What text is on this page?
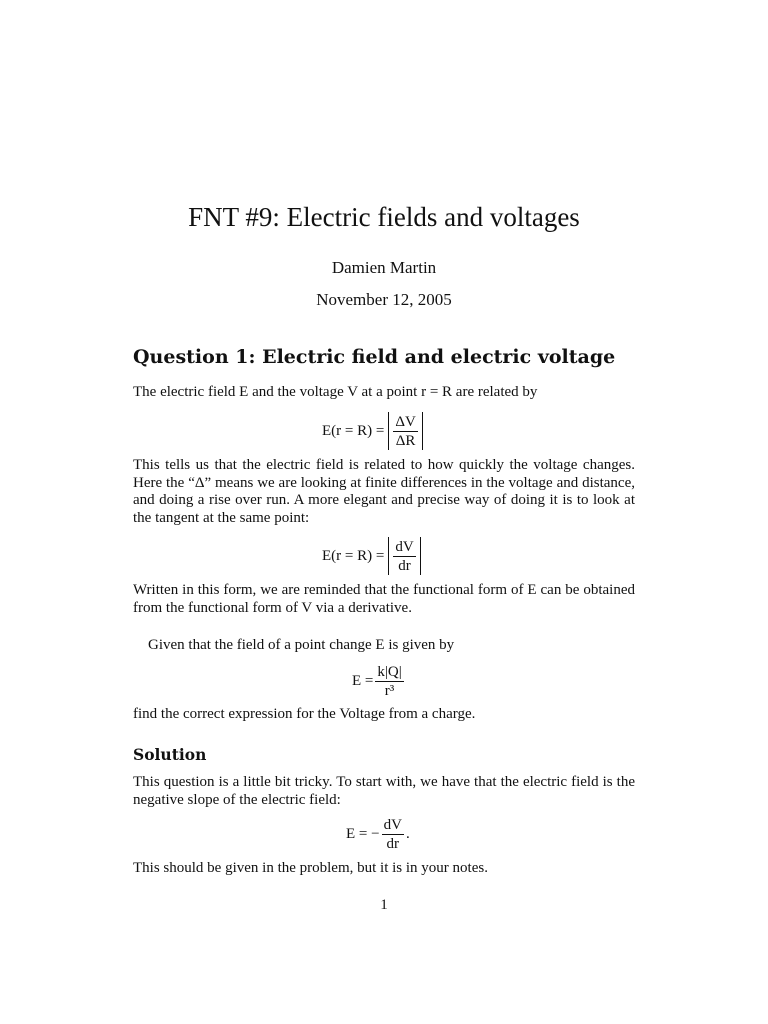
FNT #9: Electric fields and voltages
Damien Martin
November 12, 2005
Question 1: Electric field and electric voltage
The electric field E and the voltage V at a point r = R are related by
$E(r = R) = \frac{\Delta V}{\Delta R}$
This tells us that the electric field is related to how quickly the voltage changes. Here the “Δ” means we are looking at finite differences in the voltage and distance, and doing a rise over run. A more elegant and precise way of doing it is to look at the tangent at the same point:
$E(r = R) = \frac{dV}{dr}$
Written in this form, we are reminded that the functional form of E can be obtained from the functional form of V via a derivative.
Given that the field of a point change E is given by
$E = \frac{k|Q|}{\text{r³}}$
find the correct expression for the Voltage from a charge.
Solution
This question is a little bit tricky. To start with, we have that the electric field is the negative slope of the electric field:
E = − $\frac{dV}{dr}$ .
This should be given in the problem, but it is in your notes.
1
